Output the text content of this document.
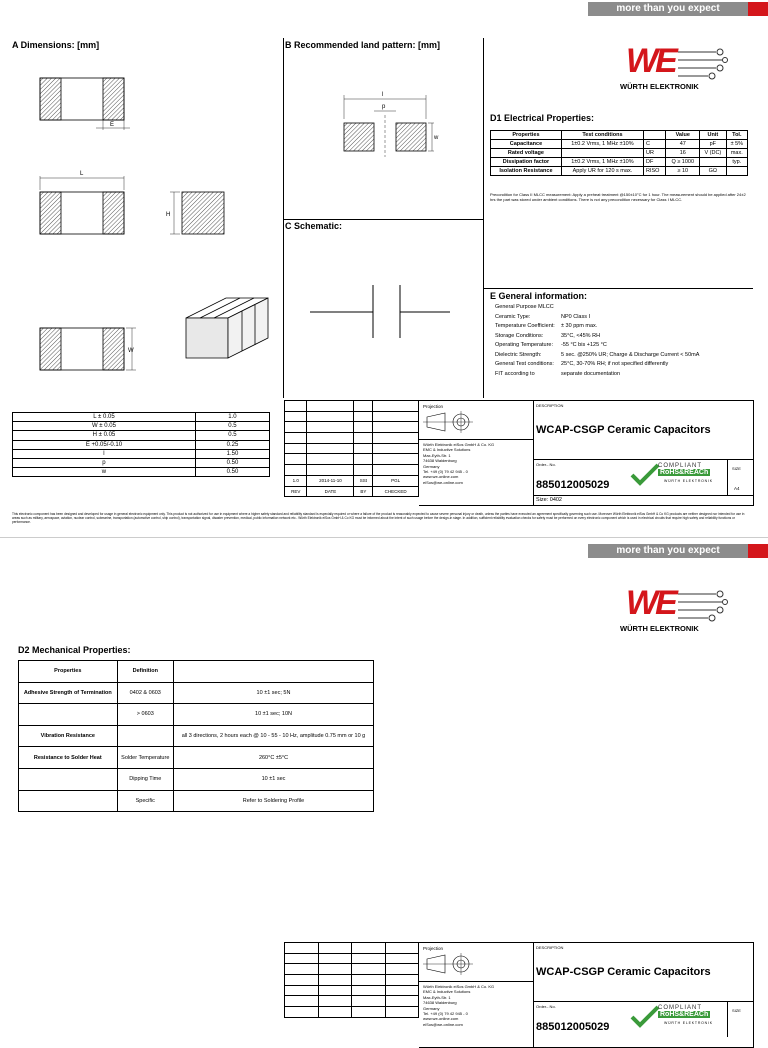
more than you expect
WE
WÜRTH ELEKTRONIK
A Dimensions: [mm]	B Recommended land pattern: [mm]
C Schematic:
D1 Electrical Properties:
E General information:
E
L
H
W
l
p
w
L ± 0.05	1.0
W ± 0.05	0.5
H ± 0.05	0.5
E +0.05/-0.10	0.25
l	1.50
p	0.50
w	0.50
Properties	Test conditions		Value	Unit	Tol.
Capacitance	1±0.2 Vrms, 1 MHz ±10%	C	47	pF	± 5%
Rated voltage		UR	16	V (DC)	max.
Dissipation factor	1±0.2 Vrms, 1 MHz ±10%	DF	Q ≥ 1000		typ.
Isolation Resistance	Apply UR for 120 s max.	RISO	≥ 10	GΩ	
Precondition for Class II MLCC measurement: Apply a preheat treatment @150±10°C for 1 hour. The measurement should be applied after 24±2 hrs the part was stored under ambient conditions. There is not any precondition necessary for Class I MLCC.
General Purpose MLCC
Ceramic Type:	NP0 Class I
Temperature Coefficient:	± 30 ppm max.
Storage Conditions:	35°C, <45% RH
Operating Temperature:	-55 °C bis +125 °C
Dielectric Strength:	5 sec. @250% UR; Charge & Discharge Current < 50mA
General Test conditions:	25°C, 30-70% RH; if not specified differently
FIT according to	separate documentation

1.0	2014-11-10	SSt	PGL
REV	DATE	BY	CHECKED
Projection
Würth Elektronik eiSos GmbH & Co. KG
EMC & Inductive Solutions
Max-Eyth-Str. 1
74638 Waldenburg
Germany
Tel. +49 (0) 79 42 945 - 0
www.we-online.com
eiSos@we-online.com
DESCRIPTION
WCAP-CSGP Ceramic Capacitors
Order.- No.
885012005029
COMPLIANT
RoHS&REACh
WÜRTH ELEKTRONIK
SIZE
A4
Size: 0402
This electronic component has been designed and developed for usage in general electronic equipment only. This product is not authorized for use in equipment where a higher safety standard and reliability standard is especially required or where a failure of the product is reasonably expected to cause severe personal injury or death, unless the parties have executed an agreement specifically governing such use. Moreover Würth Elektronik eiSos GmbH & Co KG products are neither designed nor intended for use in areas such as military, aerospace, aviation, nuclear control, submarine, transportation (automotive control, ship control), transportation signal, disaster prevention, medical, public information network etc.. Würth Elektronik eiSos GmbH & Co KG must be informed about the intent of such usage before the design-in stage. In addition, sufficient reliability evaluation checks for safety must be performed on every electronic component which is used in electrical circuits that require high safety and reliability functions or performance.
more than you expect
WE
WÜRTH ELEKTRONIK
D2 Mechanical Properties:
Properties	Definition	
Adhesive Strength of Termination	0402 & 0603	10 ±1 sec; 5N
	> 0603	10 ±1 sec; 10N
Vibration Resistance		all 3 directions, 2 hours each @ 10 - 55 - 10 Hz, amplitude 0.75 mm or 10 g
Resistance to Solder Heat	Solder Temperature	260°C ±5°C
	Dipping Time	10 ±1 sec
	Specific	Refer to Soldering Profile

Projection
Würth Elektronik eiSos GmbH & Co. KG
EMC & Inductive Solutions
Max-Eyth-Str. 1
74638 Waldenburg
Germany
Tel. +49 (0) 79 42 945 - 0
www.we-online.com
eiSos@we-online.com
DESCRIPTION
WCAP-CSGP Ceramic Capacitors
Order.- No.
885012005029
COMPLIANT
RoHS&REACh
WÜRTH ELEKTRONIK
SIZE
